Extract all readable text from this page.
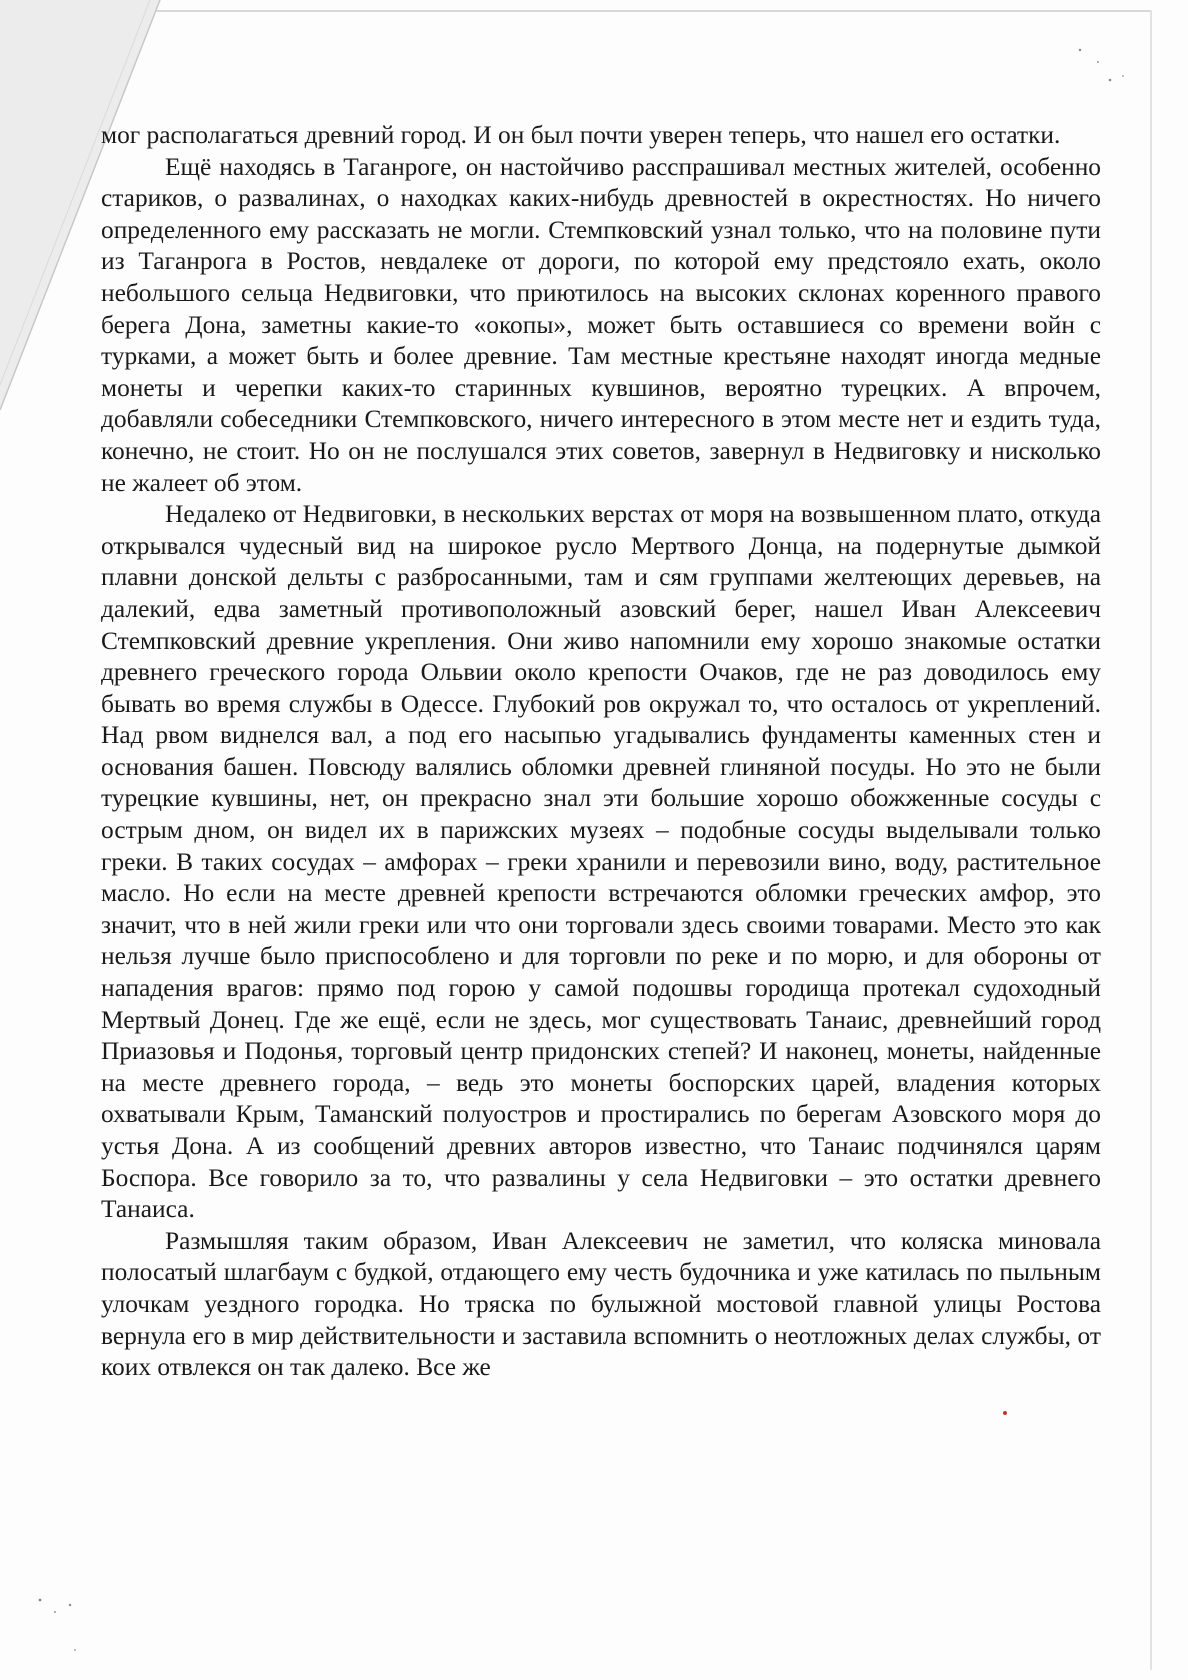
мог располагаться древний город. И он был почти уверен теперь, что нашел его остатки.

Ещё находясь в Таганроге, он настойчиво расспрашивал местных жителей, особенно стариков, о развалинах, о находках каких-нибудь древностей в окрестностях. Но ничего определенного ему рассказать не могли. Стемпковский узнал только, что на половине пути из Таганрога в Ростов, невдалеке от дороги, по которой ему предстояло ехать, около небольшого сельца Недвиговки, что приютилось на высоких склонах коренного правого берега Дона, заметны какие-то «окопы», может быть оставшиеся со времени войн с турками, а может быть и более древние. Там местные крестьяне находят иногда медные монеты и черепки каких-то старинных кувшинов, вероятно турецких. А впрочем, добавляли собеседники Стемпковского, ничего интересного в этом месте нет и ездить туда, конечно, не стоит. Но он не послушался этих советов, завернул в Недвиговку и нисколько не жалеет об этом.

Недалеко от Недвиговки, в нескольких верстах от моря на возвышенном плато, откуда открывался чудесный вид на широкое русло Мертвого Донца, на подернутые дымкой плавни донской дельты с разбросанными, там и сям группами желтеющих деревьев, на далекий, едва заметный противоположный азовский берег, нашел Иван Алексеевич Стемпковский древние укрепления. Они живо напомнили ему хорошо знакомые остатки древнего греческого города Ольвии около крепости Очаков, где не раз доводилось ему бывать во время службы в Одессе. Глубокий ров окружал то, что осталось от укреплений. Над рвом виднелся вал, а под его насыпью угадывались фундаменты каменных стен и основания башен. Повсюду валялись обломки древней глиняной посуды. Но это не были турецкие кувшины, нет, он прекрасно знал эти большие хорошо обожженные сосуды с острым дном, он видел их в парижских музеях – подобные сосуды выделывали только греки. В таких сосудах – амфорах – греки хранили и перевозили вино, воду, растительное масло. Но если на месте древней крепости встречаются обломки греческих амфор, это значит, что в ней жили греки или что они торговали здесь своими товарами. Место это как нельзя лучше было приспособлено и для торговли по реке и по морю, и для обороны от нападения врагов: прямо под горою у самой подошвы городища протекал судоходный Мертвый Донец. Где же ещё, если не здесь, мог существовать Танаис, древнейший город Приазовья и Подонья, торговый центр придонских степей? И наконец, монеты, найденные на месте древнего города, – ведь это монеты боспорских царей, владения которых охватывали Крым, Таманский полуостров и простирались по берегам Азовского моря до устья Дона. А из сообщений древних авторов известно, что Танаис подчинялся царям Боспора. Все говорило за то, что развалины у села Недвиговки – это остатки древнего Танаиса.

Размышляя таким образом, Иван Алексеевич не заметил, что коляска миновала полосатый шлагбаум с будкой, отдающего ему честь будочника и уже катилась по пыльным улочкам уездного городка. Но тряска по булыжной мостовой главной улицы Ростова вернула его в мир действительности и заставила вспомнить о неотложных делах службы, от коих отвлекся он так далеко. Все же
